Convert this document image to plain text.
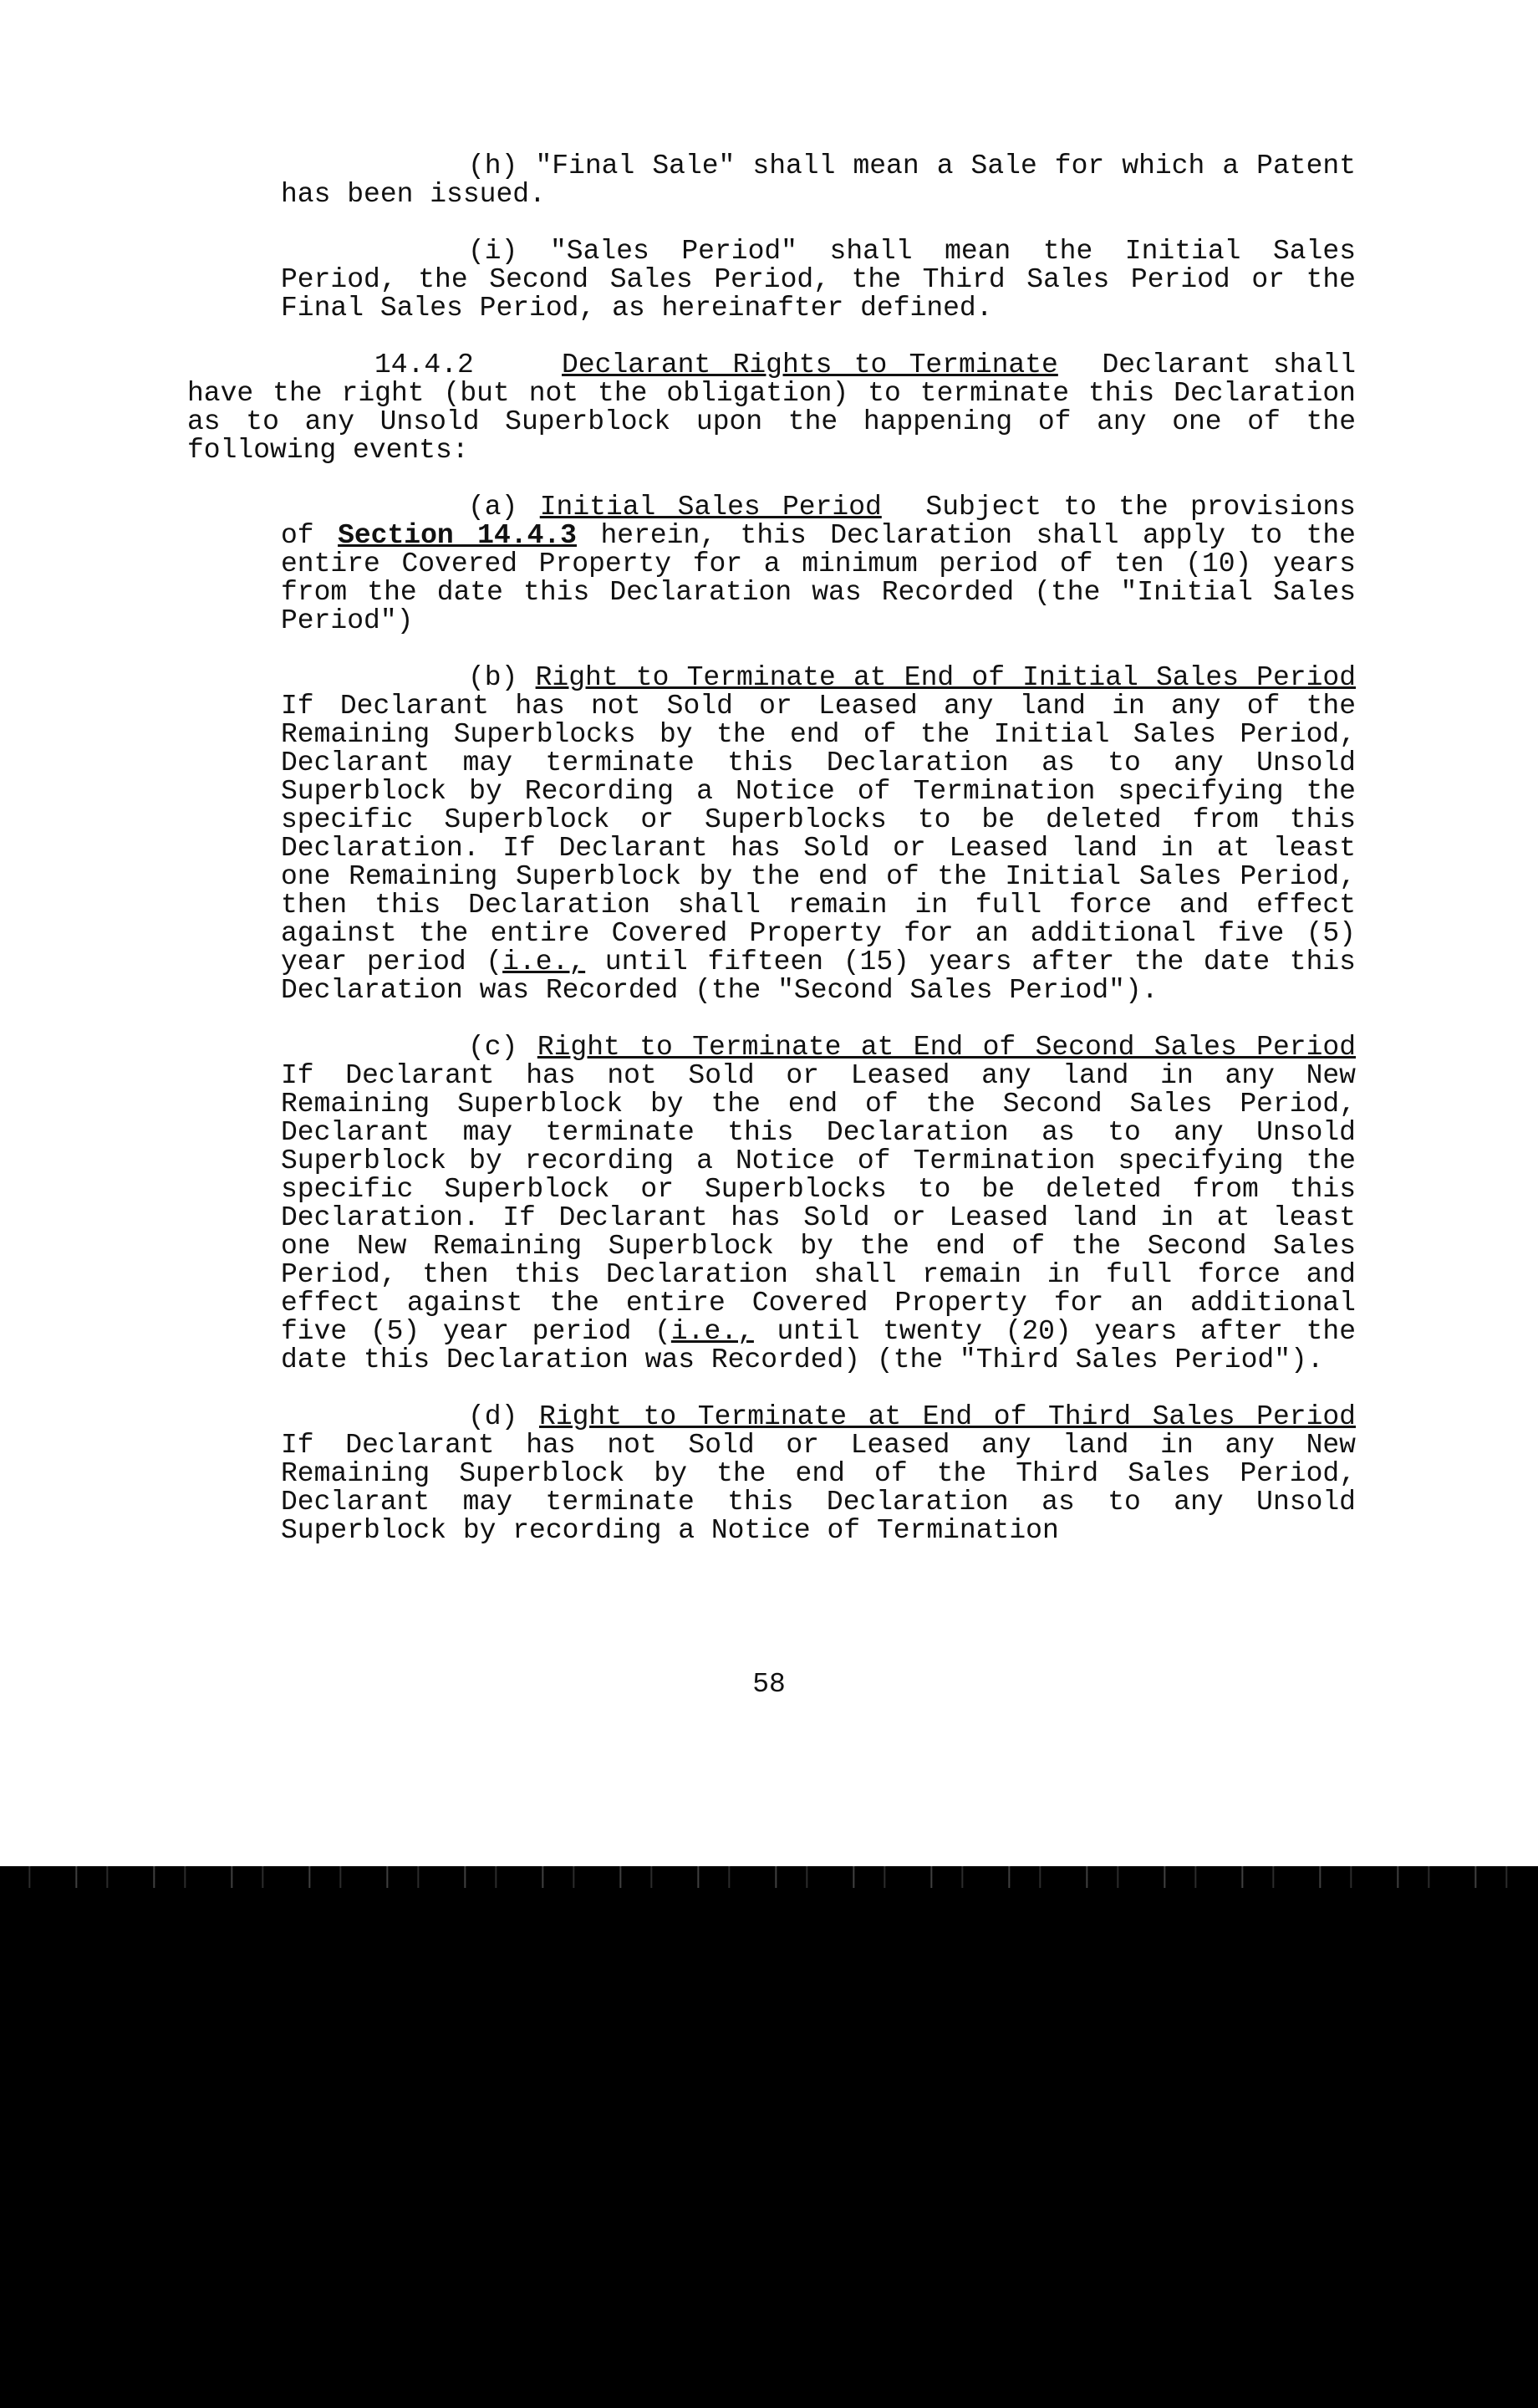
(h) "Final Sale" shall mean a Sale for which a Patent has been issued.

(i) "Sales Period" shall mean the Initial Sales Period, the Second Sales Period, the Third Sales Period or the Final Sales Period, as hereinafter defined.

14.4.2	Declarant Rights to Terminate Declarant shall have the right (but not the obligation) to terminate this Declaration as to any Unsold Superblock upon the happening of any one of the following events:

(a) Initial Sales Period Subject to the provisions of Section 14.4.3 herein, this Declaration shall apply to the entire Covered Property for a minimum period of ten (10) years from the date this Declaration was Recorded (the "Initial Sales Period")

(b) Right to Terminate at End of Initial Sales Period If Declarant has not Sold or Leased any land in any of the Remaining Superblocks by the end of the Initial Sales Period, Declarant may terminate this Declaration as to any Unsold Superblock by Recording a Notice of Termination specifying the specific Superblock or Superblocks to be deleted from this Declaration. If Declarant has Sold or Leased land in at least one Remaining Superblock by the end of the Initial Sales Period, then this Declaration shall remain in full force and effect against the entire Covered Property for an additional five (5) year period (i.e., until fifteen (15) years after the date this Declaration was Recorded (the "Second Sales Period").

(c) Right to Terminate at End of Second Sales Period If Declarant has not Sold or Leased any land in any New Remaining Superblock by the end of the Second Sales Period, Declarant may terminate this Declaration as to any Unsold Superblock by recording a Notice of Termination specifying the specific Superblock or Superblocks to be deleted from this Declaration. If Declarant has Sold or Leased land in at least one New Remaining Superblock by the end of the Second Sales Period, then this Declaration shall remain in full force and effect against the entire Covered Property for an additional five (5) year period (i.e., until twenty (20) years after the date this Declaration was Recorded) (the "Third Sales Period").

(d) Right to Terminate at End of Third Sales Period If Declarant has not Sold or Leased any land in any New Remaining Superblock by the end of the Third Sales Period, Declarant may terminate this Declaration as to any Unsold Superblock by recording a Notice of Termination

58
